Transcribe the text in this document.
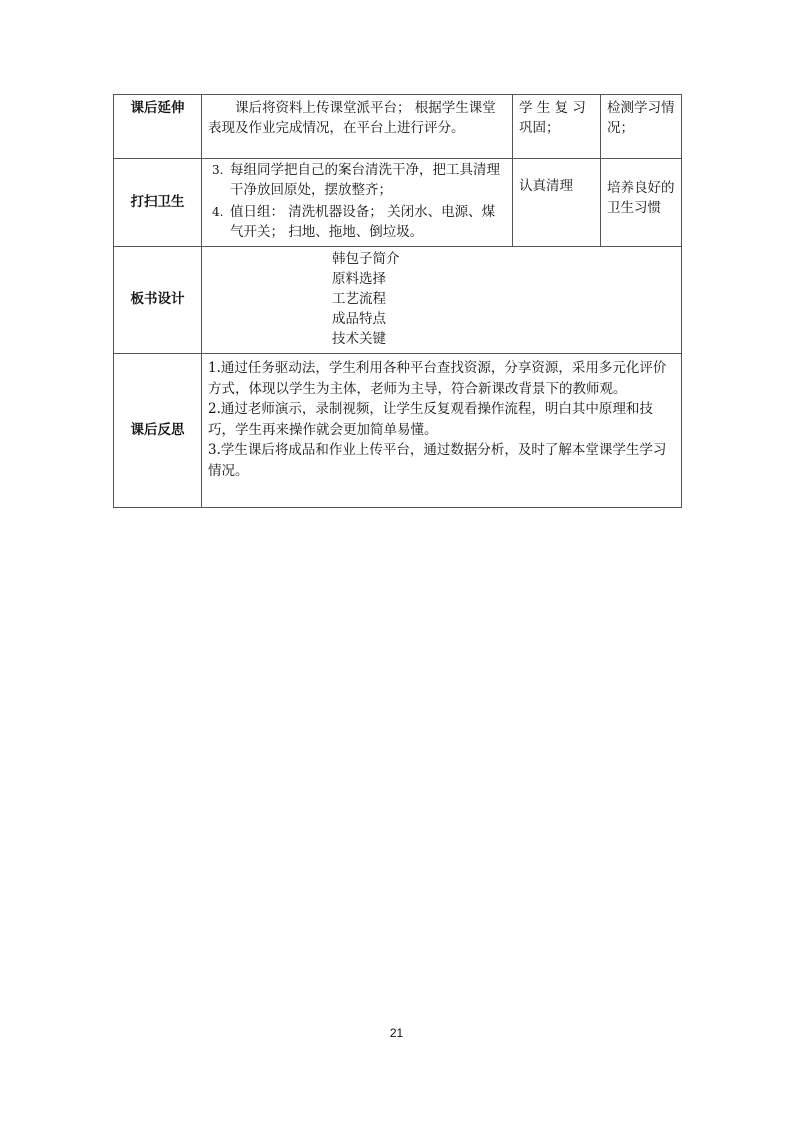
课后延伸	课后将资料上传课堂派平台； 根据学生课堂表现及作业完成情况，在平台上进行评分。	学 生 复 习 巩固；	检测学习情况；

打扫卫生	3. 每组同学把自己的案台清洗干净，把工具清理干净放回原处，摆放整齐；
4. 值日组： 清洗机器设备； 关闭水、电源、煤气开关； 扫地、拖地、倒垃圾。	认真清理	培养良好的卫生习惯

板书设计	韩包子简介
原料选择
工艺流程
成品特点
技术关键		

课后反思	1.通过任务驱动法，学生利用各种平台查找资源，分享资源，采用多元化评价方式，体现以学生为主体，老师为主导，符合新课改背景下的教师观。
2.通过老师演示，录制视频，让学生反复观看操作流程，明白其中原理和技巧，学生再来操作就会更加简单易懂。
3.学生课后将成品和作业上传平台，通过数据分析，及时了解本堂课学生学习情况。		
21
